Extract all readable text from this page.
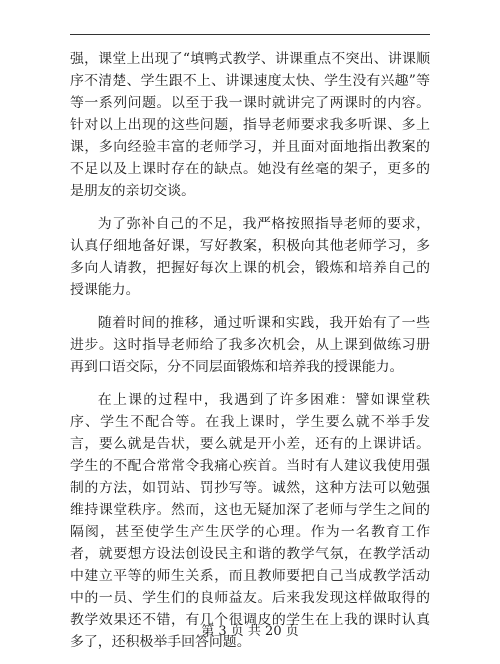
强，课堂上出现了“填鸭式教学、讲课重点不突出、讲课顺序不清楚、学生跟不上、讲课速度太快、学生没有兴趣”等等一系列问题。以至于我一课时就讲完了两课时的内容。针对以上出现的这些问题，指导老师要求我多听课、多上课，多向经验丰富的老师学习，并且面对面地指出教案的不足以及上课时存在的缺点。她没有丝毫的架子，更多的是朋友的亲切交谈。

为了弥补自己的不足，我严格按照指导老师的要求，认真仔细地备好课，写好教案，积极向其他老师学习，多多向人请教，把握好每次上课的机会，锻炼和培养自己的授课能力。

随着时间的推移，通过听课和实践，我开始有了一些进步。这时指导老师给了我多次机会，从上课到做练习册再到口语交际，分不同层面锻炼和培养我的授课能力。

在上课的过程中，我遇到了许多困难：譬如课堂秩序、学生不配合等。在我上课时，学生要么就不举手发言，要么就是告状，要么就是开小差，还有的上课讲话。学生的不配合常常令我痛心疾首。当时有人建议我使用强制的方法，如罚站、罚抄写等。诚然，这种方法可以勉强维持课堂秩序。然而，这也无疑加深了老师与学生之间的隔阂，甚至使学生产生厌学的心理。作为一名教育工作者，就要想方设法创设民主和谐的教学气氛，在教学活动中建立平等的师生关系，而且教师要把自己当成教学活动中的一员、学生们的良师益友。后来我发现这样做取得的教学效果还不错，有几个很调皮的学生在上我的课时认真多了，还积极举手回答问题。

第 3 页 共 20 页
